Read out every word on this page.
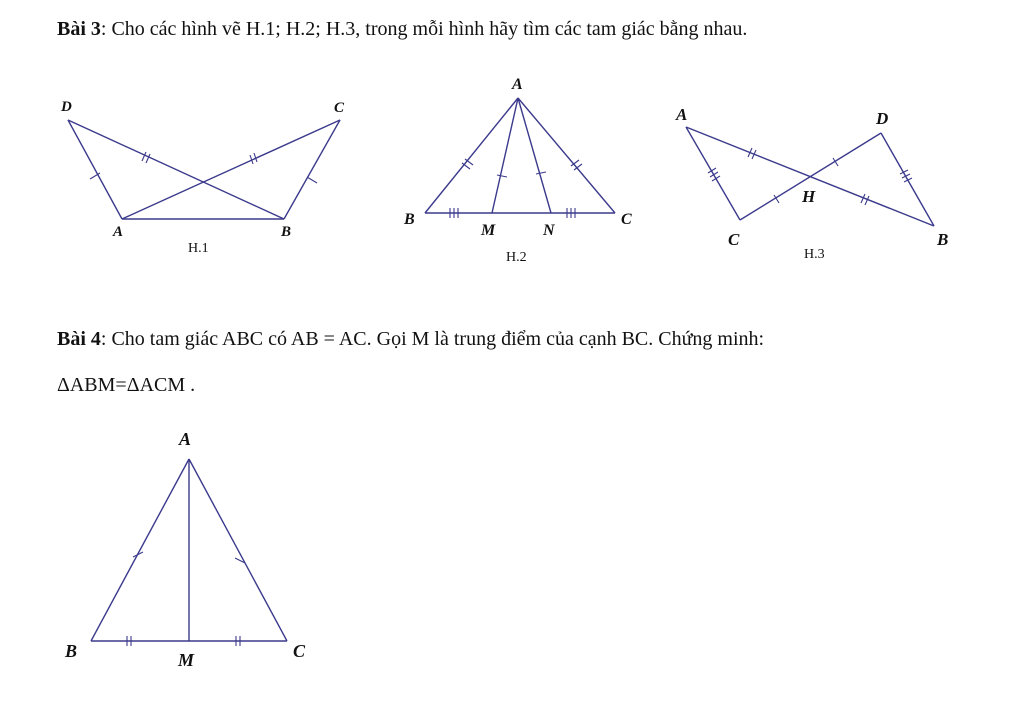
Bài 3: Cho các hình vẽ H.1; H.2; H.3, trong mỗi hình hãy tìm các tam giác bằng nhau.
Bài 4: Cho tam giác ABC có AB = AC. Gọi M là trung điểm của cạnh BC. Chứng minh:
ΔABM=ΔACM .
D	C
A	B
H.1
A
B	C
M	N
H.2
A	D
H
C	B
H.3
A
B	C
M
